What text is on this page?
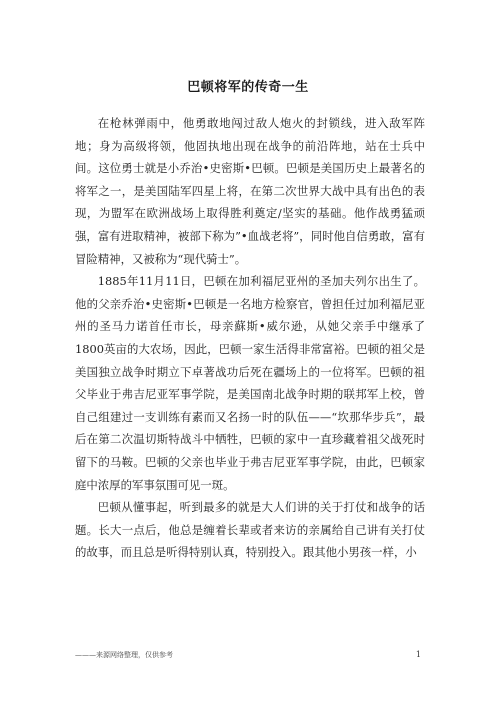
巴顿将军的传奇一生

在枪林弹雨中，他勇敢地闯过敌人炮火的封锁线，进入敌军阵地；身为高级将领，他固执地出现在战争的前沿阵地，站在士兵中间。这位勇士就是小乔治•史密斯•巴顿。巴顿是美国历史上最著名的将军之一，是美国陆军四星上将，在第二次世界大战中具有出色的表现，为盟军在欧洲战场上取得胜利奠定/坚实的基础。他作战勇猛顽强，富有进取精神，被部下称为”•血战老将”，同时他自信勇敢，富有冒险精神，又被称为“现代骑士”。

1885年11月11日，巴顿在加利福尼亚州的圣加夫列尔出生了。他的父亲乔治•史密斯•巴顿是一名地方检察官，曾担任过加利福尼亚州的圣马力诺首任市长，母亲蘇斯•威尔逊，从她父亲手中继承了1800英亩的大农场，因此，巴顿一家生活得非常富裕。巴顿的祖父是美国独立战争时期立下卓著战功后死在疆场上的一位将军。巴顿的祖父毕业于弗吉尼亚军事学院，是美国南北战争时期的联邦军上校，曾自己组建过一支训练有素而又名扬一时的队伍——“坎那华步兵”，最后在第二次温切斯特战斗中牺牲，巴顿的家中一直珍藏着祖父战死时留下的马鞍。巴顿的父亲也毕业于弗吉尼亚军事学院，由此，巴顿家庭中浓厚的军事氛围可见一斑。

巴顿从懂事起，听到最多的就是大人们讲的关于打仗和战争的话题。长大一点后，他总是缠着长辈或者来访的亲属给自己讲有关打仗的故事，而且总是听得特别认真，特别投入。跟其他小男孩一样，小

———来源网络整理，仅供参考	1
